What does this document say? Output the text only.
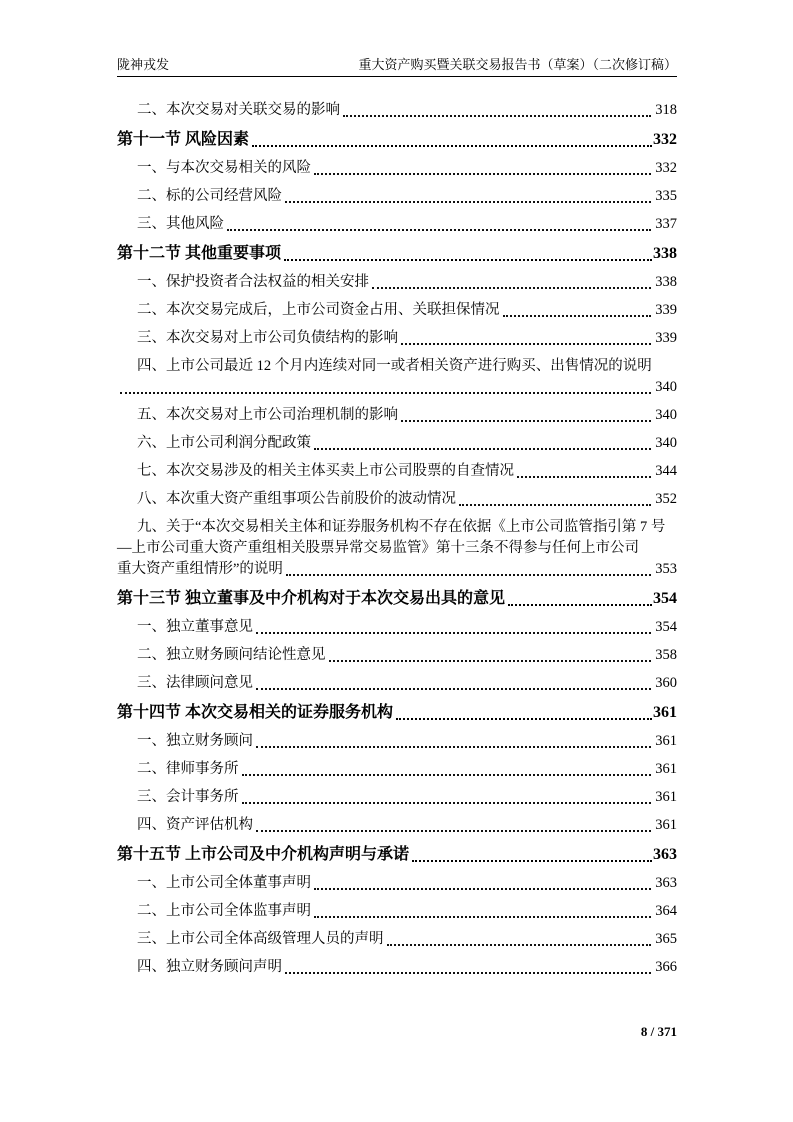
陇神戎发	重大资产购买暨关联交易报告书（草案）（二次修订稿）
二、本次交易对关联交易的影响	318
第十一节 风险因素	332
一、与本次交易相关的风险	332
二、标的公司经营风险	335
三、其他风险	337
第十二节 其他重要事项	338
一、保护投资者合法权益的相关安排	338
二、本次交易完成后，上市公司资金占用、关联担保情况	339
三、本次交易对上市公司负债结构的影响	339
四、上市公司最近 12 个月内连续对同一或者相关资产进行购买、出售情况的说明
340
五、本次交易对上市公司治理机制的影响	340
六、上市公司利润分配政策	340
七、本次交易涉及的相关主体买卖上市公司股票的自查情况	344
八、本次重大资产重组事项公告前股价的波动情况	352
九、关于“本次交易相关主体和证券服务机构不存在依据《上市公司监管指引第 7 号
—上市公司重大资产重组相关股票异常交易监管》第十三条不得参与任何上市公司
重大资产重组情形”的说明	353
第十三节 独立董事及中介机构对于本次交易出具的意见	354
一、独立董事意见	354
二、独立财务顾问结论性意见	358
三、法律顾问意见	360
第十四节 本次交易相关的证券服务机构	361
一、独立财务顾问	361
二、律师事务所	361
三、会计事务所	361
四、资产评估机构	361
第十五节 上市公司及中介机构声明与承诺	363
一、上市公司全体董事声明	363
二、上市公司全体监事声明	364
三、上市公司全体高级管理人员的声明	365
四、独立财务顾问声明	366
8 / 371
